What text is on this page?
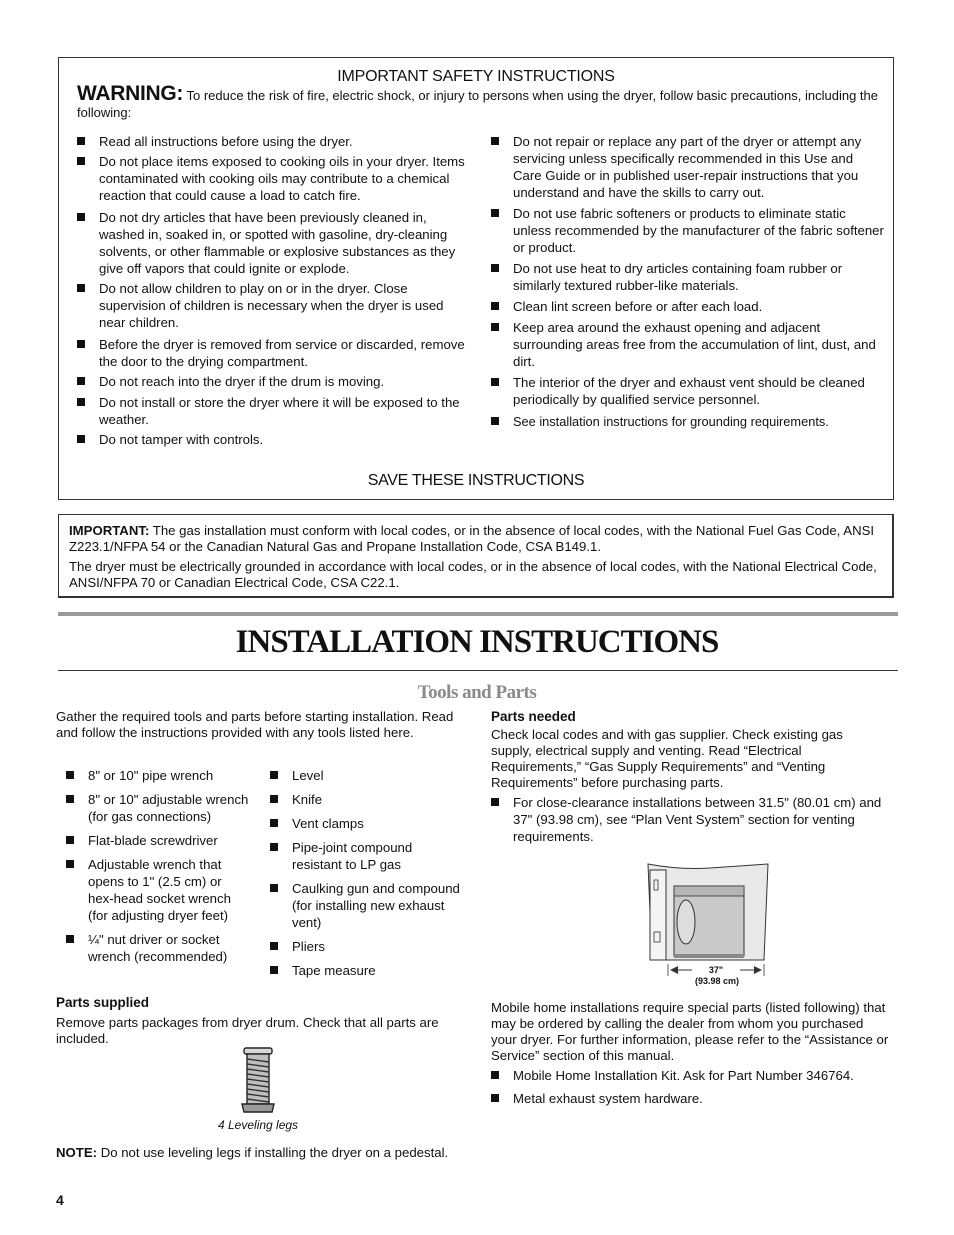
IMPORTANT SAFETY INSTRUCTIONS
WARNING: To reduce the risk of fire, electric shock, or injury to persons when using the dryer, follow basic precautions, including the following:
Read all instructions before using the dryer.
Do not place items exposed to cooking oils in your dryer. Items contaminated with cooking oils may contribute to a chemical reaction that could cause a load to catch fire.
Do not dry articles that have been previously cleaned in, washed in, soaked in, or spotted with gasoline, dry-cleaning solvents, or other flammable or explosive substances as they give off vapors that could ignite or explode.
Do not allow children to play on or in the dryer. Close supervision of children is necessary when the dryer is used near children.
Before the dryer is removed from service or discarded, remove the door to the drying compartment.
Do not reach into the dryer if the drum is moving.
Do not install or store the dryer where it will be exposed to the weather.
Do not tamper with controls.
Do not repair or replace any part of the dryer or attempt any servicing unless specifically recommended in this Use and Care Guide or in published user-repair instructions that you understand and have the skills to carry out.
Do not use fabric softeners or products to eliminate static unless recommended by the manufacturer of the fabric softener or product.
Do not use heat to dry articles containing foam rubber or similarly textured rubber-like materials.
Clean lint screen before or after each load.
Keep area around the exhaust opening and adjacent surrounding areas free from the accumulation of lint, dust, and dirt.
The interior of the dryer and exhaust vent should be cleaned periodically by qualified service personnel.
See installation instructions for grounding requirements.
SAVE THESE INSTRUCTIONS

IMPORTANT: The gas installation must conform with local codes, or in the absence of local codes, with the National Fuel Gas Code, ANSI Z223.1/NFPA 54 or the Canadian Natural Gas and Propane Installation Code, CSA B149.1.

The dryer must be electrically grounded in accordance with local codes, or in the absence of local codes, with the National Electrical Code, ANSI/NFPA 70 or Canadian Electrical Code, CSA C22.1.

INSTALLATION INSTRUCTIONS
Tools and Parts
Gather the required tools and parts before starting installation. Read and follow the instructions provided with any tools listed here.
8" or 10" pipe wrench
8" or 10" adjustable wrench (for gas connections)
Flat-blade screwdriver
Adjustable wrench that opens to 1" (2.5 cm) or hex-head socket wrench (for adjusting dryer feet)
¼" nut driver or socket wrench (recommended)
Level
Knife
Vent clamps
Pipe-joint compound resistant to LP gas
Caulking gun and compound (for installing new exhaust vent)
Pliers
Tape measure
Parts supplied
Remove parts packages from dryer drum. Check that all parts are included.
4 Leveling legs
NOTE: Do not use leveling legs if installing the dryer on a pedestal.
4
Parts needed
Check local codes and with gas supplier. Check existing gas supply, electrical supply and venting. Read “Electrical Requirements,” “Gas Supply Requirements” and “Venting Requirements” before purchasing parts.
For close-clearance installations between 31.5" (80.01 cm) and 37" (93.98 cm), see “Plan Vent System” section for venting requirements.
37"
(93.98 cm)
Mobile home installations require special parts (listed following) that may be ordered by calling the dealer from whom you purchased your dryer. For further information, please refer to the “Assistance or Service” section of this manual.
Mobile Home Installation Kit. Ask for Part Number 346764.
Metal exhaust system hardware.
